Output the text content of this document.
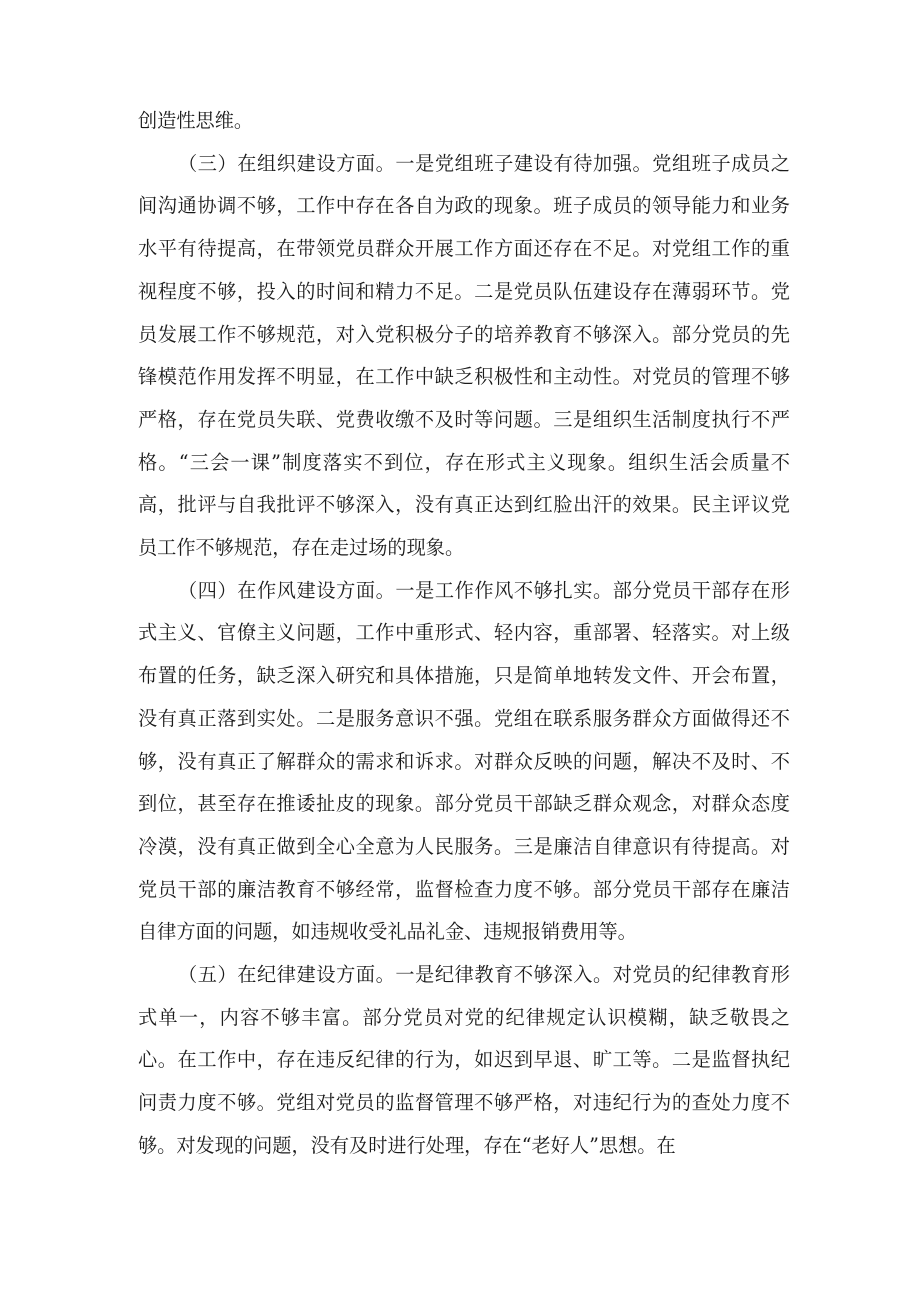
创造性思维。

（三）在组织建设方面。一是党组班子建设有待加强。党组班子成员之间沟通协调不够，工作中存在各自为政的现象。班子成员的领导能力和业务水平有待提高，在带领党员群众开展工作方面还存在不足。对党组工作的重视程度不够，投入的时间和精力不足。二是党员队伍建设存在薄弱环节。党员发展工作不够规范，对入党积极分子的培养教育不够深入。部分党员的先锋模范作用发挥不明显，在工作中缺乏积极性和主动性。对党员的管理不够严格，存在党员失联、党费收缴不及时等问题。三是组织生活制度执行不严格。“三会一课”制度落实不到位，存在形式主义现象。组织生活会质量不高，批评与自我批评不够深入，没有真正达到红脸出汗的效果。民主评议党员工作不够规范，存在走过场的现象。

（四）在作风建设方面。一是工作作风不够扎实。部分党员干部存在形式主义、官僚主义问题，工作中重形式、轻内容，重部署、轻落实。对上级布置的任务，缺乏深入研究和具体措施，只是简单地转发文件、开会布置，没有真正落到实处。二是服务意识不强。党组在联系服务群众方面做得还不够，没有真正了解群众的需求和诉求。对群众反映的问题，解决不及时、不到位，甚至存在推诿扯皮的现象。部分党员干部缺乏群众观念，对群众态度冷漠，没有真正做到全心全意为人民服务。三是廉洁自律意识有待提高。对党员干部的廉洁教育不够经常，监督检查力度不够。部分党员干部存在廉洁自律方面的问题，如违规收受礼品礼金、违规报销费用等。

（五）在纪律建设方面。一是纪律教育不够深入。对党员的纪律教育形式单一，内容不够丰富。部分党员对党的纪律规定认识模糊，缺乏敬畏之心。在工作中，存在违反纪律的行为，如迟到早退、旷工等。二是监督执纪问责力度不够。党组对党员的监督管理不够严格，对违纪行为的查处力度不够。对发现的问题，没有及时进行处理，存在“老好人”思想。在
